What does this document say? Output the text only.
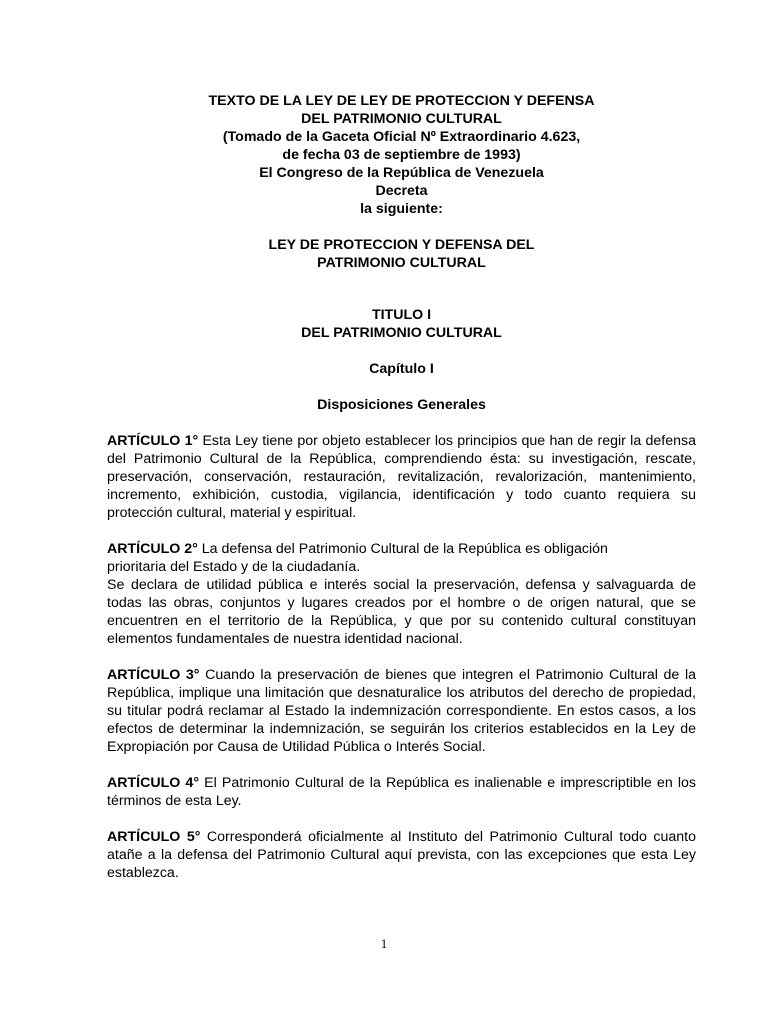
TEXTO DE LA LEY DE LEY DE PROTECCION Y DEFENSA
DEL PATRIMONIO CULTURAL
(Tomado de la Gaceta Oficial Nº Extraordinario 4.623,
de fecha 03 de septiembre de 1993)
El Congreso de la República de Venezuela
Decreta
la siguiente:
LEY DE PROTECCION Y DEFENSA DEL
PATRIMONIO CULTURAL
TITULO I
DEL PATRIMONIO CULTURAL
Capítulo I
Disposiciones Generales

ARTÍCULO 1° Esta Ley tiene por objeto establecer los principios que han de regir la defensa del Patrimonio Cultural de la República, comprendiendo ésta: su investigación, rescate, preservación, conservación, restauración, revitalización, revalorización, mantenimiento, incremento, exhibición, custodia, vigilancia, identificación y todo cuanto requiera su protección cultural, material y espiritual.

ARTÍCULO 2° La defensa del Patrimonio Cultural de la República es obligación
prioritaria del Estado y de la ciudadanía.
Se declara de utilidad pública e interés social la preservación, defensa y salvaguarda de todas las obras, conjuntos y lugares creados por el hombre o de origen natural, que se encuentren en el territorio de la República, y que por su contenido cultural constituyan elementos fundamentales de nuestra identidad nacional.

ARTÍCULO 3° Cuando la preservación de bienes que integren el Patrimonio Cultural de la República, implique una limitación que desnaturalice los atributos del derecho de propiedad, su titular podrá reclamar al Estado la indemnización correspondiente. En estos casos, a los efectos de determinar la indemnización, se seguirán los criterios establecidos en la Ley de Expropiación por Causa de Utilidad Pública o Interés Social.

ARTÍCULO 4° El Patrimonio Cultural de la República es inalienable e imprescriptible en los términos de esta Ley.

ARTÍCULO 5° Corresponderá oficialmente al Instituto del Patrimonio Cultural todo cuanto atañe a la defensa del Patrimonio Cultural aquí prevista, con las excepciones que esta Ley establezca.

1
